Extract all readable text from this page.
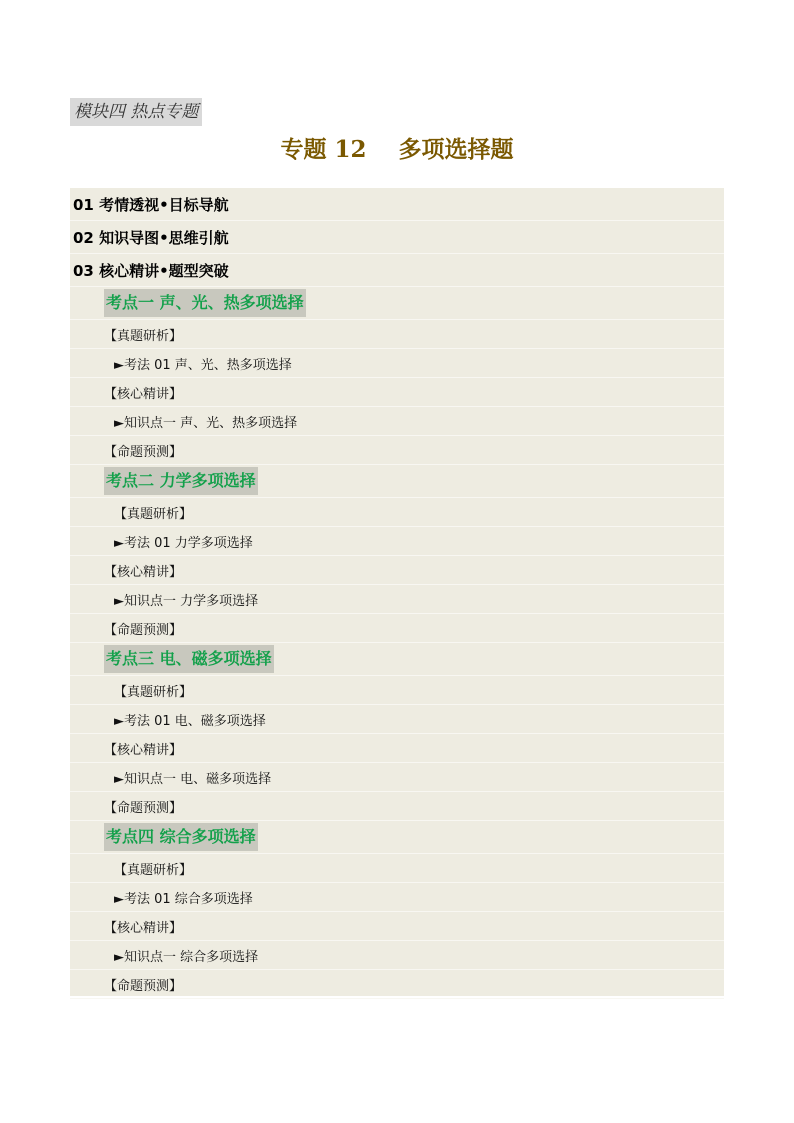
模块四 热点专题
专题 12    多项选择题
01 考情透视•目标导航
02 知识导图•思维引航
03 核心精讲•题型突破
考点一 声、光、热多项选择
【真题研析】
►考法 01 声、光、热多项选择
【核心精讲】
►知识点一 声、光、热多项选择
【命题预测】
考点二 力学多项选择
【真题研析】
►考法 01 力学多项选择
【核心精讲】
►知识点一 力学多项选择
【命题预测】
考点三 电、磁多项选择
【真题研析】
►考法 01 电、磁多项选择
【核心精讲】
►知识点一 电、磁多项选择
【命题预测】
考点四 综合多项选择
【真题研析】
►考法 01 综合多项选择
【核心精讲】
►知识点一 综合多项选择
【命题预测】
